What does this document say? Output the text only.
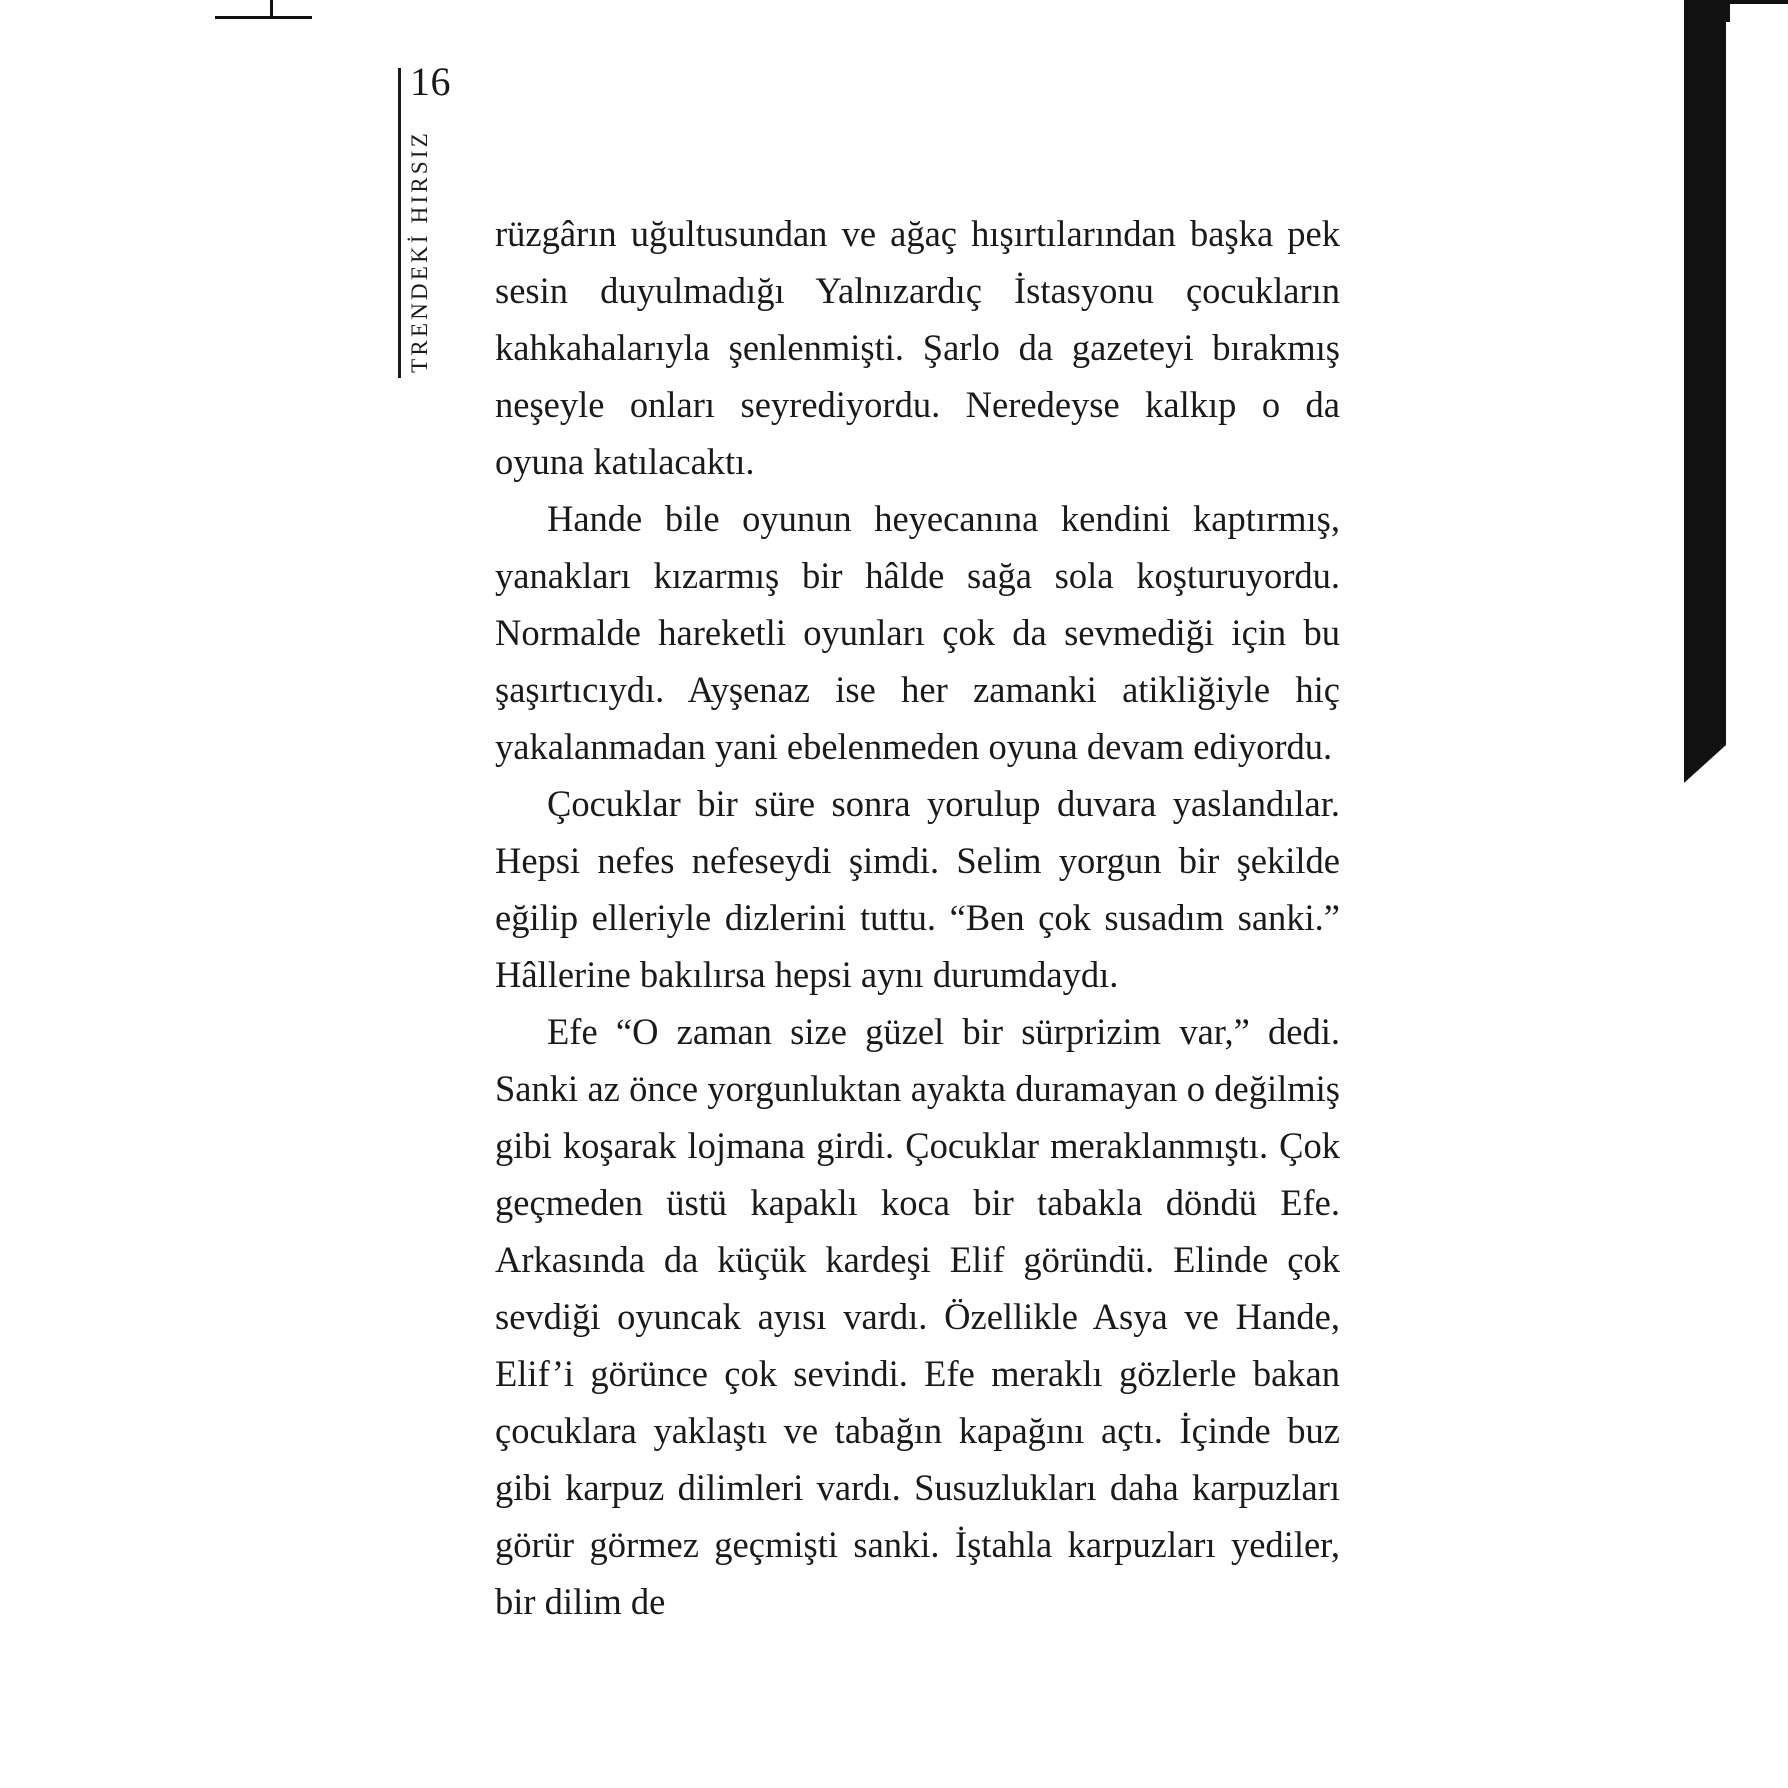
16
TRENDEKİ HIRSIZ rüzgârın uğultusundan ve ağaç hışırtılarından başka pek sesin duyulmadığı Yalnızardıç İstasyonu çocukların kahkahalarıyla şenlenmişti. Şarlo da gazeteyi bırakmış neşeyle onları seyrediyordu. Neredeyse kalkıp o da oyuna katılacaktı.

Hande bile oyunun heyecanına kendini kaptırmış, yanakları kızarmış bir hâlde sağa sola koşturuyordu. Normalde hareketli oyunları çok da sevmediği için bu şaşırtıcıydı. Ayşenaz ise her zamanki atikliğiyle hiç yakalanmadan yani ebelenmeden oyuna devam ediyordu.

Çocuklar bir süre sonra yorulup duvara yaslandılar. Hepsi nefes nefeseydi şimdi. Selim yorgun bir şekilde eğilip elleriyle dizlerini tuttu. “Ben çok susadım sanki.” Hâllerine bakılırsa hepsi aynı durumdaydı.

Efe “O zaman size güzel bir sürprizim var,” dedi. Sanki az önce yorgunluktan ayakta duramayan o değilmiş gibi koşarak lojmana girdi. Çocuklar meraklanmıştı. Çok geçmeden üstü kapaklı koca bir tabakla döndü Efe. Arkasında da küçük kardeşi Elif göründü. Elinde çok sevdiği oyuncak ayısı vardı. Özellikle Asya ve Hande, Elif’i görünce çok sevindi. Efe meraklı gözlerle bakan çocuklara yaklaştı ve tabağın kapağını açtı. İçinde buz gibi karpuz dilimleri vardı. Susuzlukları daha karpuzları görür görmez geçmişti sanki. İştahla karpuzları yediler, bir dilim de
